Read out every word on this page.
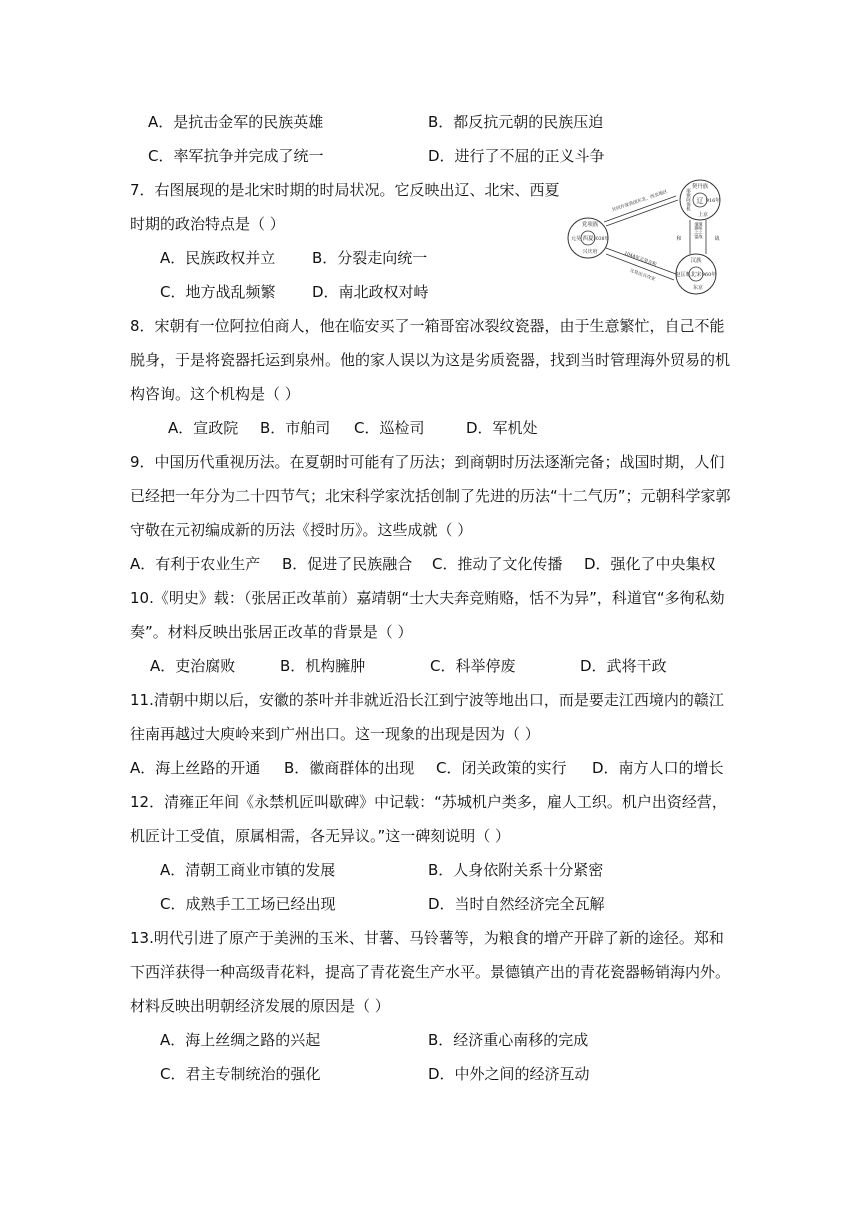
A．是抗击金军的民族英雄	B．都反抗元朝的民族压迫
C．率军抗争并完成了统一	D．进行了不屈的正义斗争
7．右图展现的是北宋时期的时局状况。它反映出辽、北宋、西夏
时期的政治特点是（ ）
A．民族政权并立 B．分裂走向统一
C．地方战乱频繁 D．南北政权对峙
契丹族
耶律阿保机 辽 916年
上京
党项族
元昊 西夏 1038年
兴庆府
汉族
赵匡胤 北宋 960年
东京
共同开发我国东北、西北地区
和	战
澶渊之盟 澶州之战
1044年元昊言和
元昊出兵攻宋
8．宋朝有一位阿拉伯商人，他在临安买了一箱哥窑冰裂纹瓷器，由于生意繁忙，自己不能
脱身，于是将瓷器托运到泉州。他的家人误以为这是劣质瓷器，找到当时管理海外贸易的机
构咨询。这个机构是（ ）
A．宣政院 B．市舶司 C．巡检司	D．军机处
9．中国历代重视历法。在夏朝时可能有了历法；到商朝时历法逐渐完备；战国时期，人们
已经把一年分为二十四节气；北宋科学家沈括创制了先进的历法“十二气历”；元朝科学家郭
守敬在元初编成新的历法《授时历》。这些成就（ ）
A．有利于农业生产 B．促进了民族融合 C．推动了文化传播 D．强化了中央集权
10.《明史》载：（张居正改革前）嘉靖朝“士大夫奔竞贿赂，恬不为异”，科道官“多徇私劾
奏”。材料反映出张居正改革的背景是（ ）
A．吏治腐败	B．机构臃肿	C．科举停废	D．武将干政
11.清朝中期以后，安徽的茶叶并非就近沿长江到宁波等地出口，而是要走江西境内的赣江
往南再越过大庾岭来到广州出口。这一现象的出现是因为（ ）
A．海上丝路的开通 B．徽商群体的出现 C．闭关政策的实行 D．南方人口的增长
12．清雍正年间《永禁机匠叫歇碑》中记载：“苏城机户类多，雇人工织。机户出资经营，
机匠计工受值，原属相需，各无异议。”这一碑刻说明（ ）
A．清朝工商业市镇的发展	B．人身依附关系十分紧密
C．成熟手工工场已经出现	D．当时自然经济完全瓦解
13.明代引进了原产于美洲的玉米、甘薯、马铃薯等，为粮食的增产开辟了新的途径。郑和
下西洋获得一种高级青花料，提高了青花瓷生产水平。景德镇产出的青花瓷器畅销海内外。
材料反映出明朝经济发展的原因是（ ）
A．海上丝绸之路的兴起	B．经济重心南移的完成
C．君主专制统治的强化	D．中外之间的经济互动
